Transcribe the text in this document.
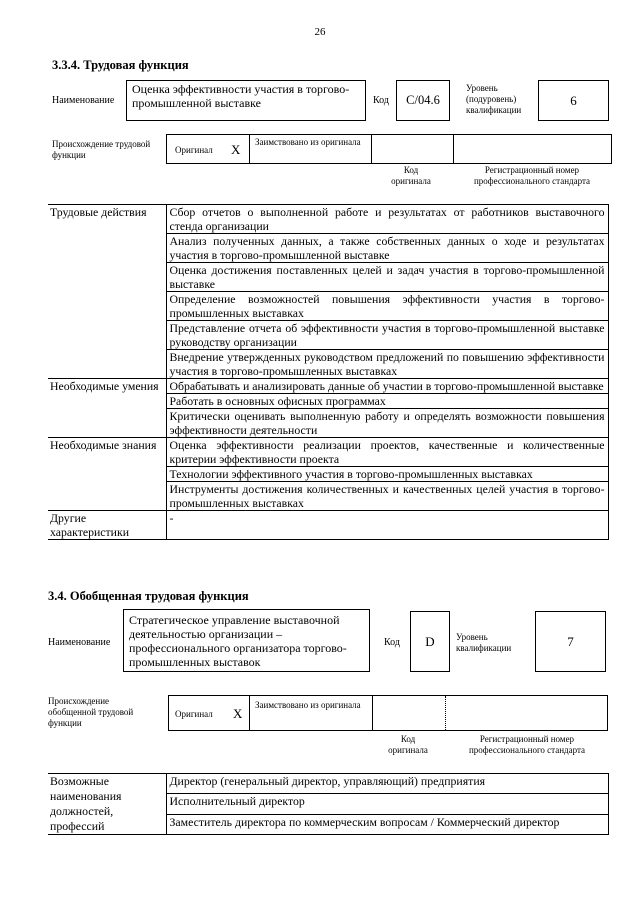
26
3.3.4. Трудовая функция
Наименование
Оценка эффективности участия в торгово-промышленной выставке	Код	C/04.6
Уровень (подуровень) квалификации
6
Происхождение трудовой функции	Оригинал X Заимствовано из оригинала
Код оригинала
Регистрационный номер профессионального стандарта
Трудовые действия	Сбор отчетов о выполненной работе и результатах от работников выставочного стенда организации
	Анализ полученных данных, а также собственных данных о ходе и результатах участия в торгово-промышленной выставке
	Оценка достижения поставленных целей и задач участия в торгово-промышленной выставке
	Определение возможностей повышения эффективности участия в торгово-промышленных выставках
	Представление отчета об эффективности участия в торгово-промышленной выставке руководству организации
	Внедрение утвержденных руководством предложений по повышению эффективности участия в торгово-промышленных выставках
Необходимые умения	Обрабатывать и анализировать данные об участии в торгово-промышленной выставке
	Работать в основных офисных программах
	Критически оценивать выполненную работу и определять возможности повышения эффективности деятельности
Необходимые знания	Оценка эффективности реализации проектов, качественные и количественные критерии эффективности проекта
	Технологии эффективного участия в торгово-промышленных выставках
	Инструменты достижения количественных и качественных целей участия в торгово-промышленных выставках
Другие характеристики	-
3.4. Обобщенная трудовая функция
Наименование
Стратегическое управление выставочной деятельностью организации – профессионального организатора торгово-промышленных выставок
Код	D	Уровень квалификации	7
Происхождение обобщенной трудовой функции
Оригинал X
Заимствовано из оригинала
Код оригинала
Регистрационный номер профессионального стандарта
Возможные наименования должностей, профессий	Директор (генеральный директор, управляющий) предприятия
Исполнительный директор
Заместитель директора по коммерческим вопросам / Коммерческий директор
